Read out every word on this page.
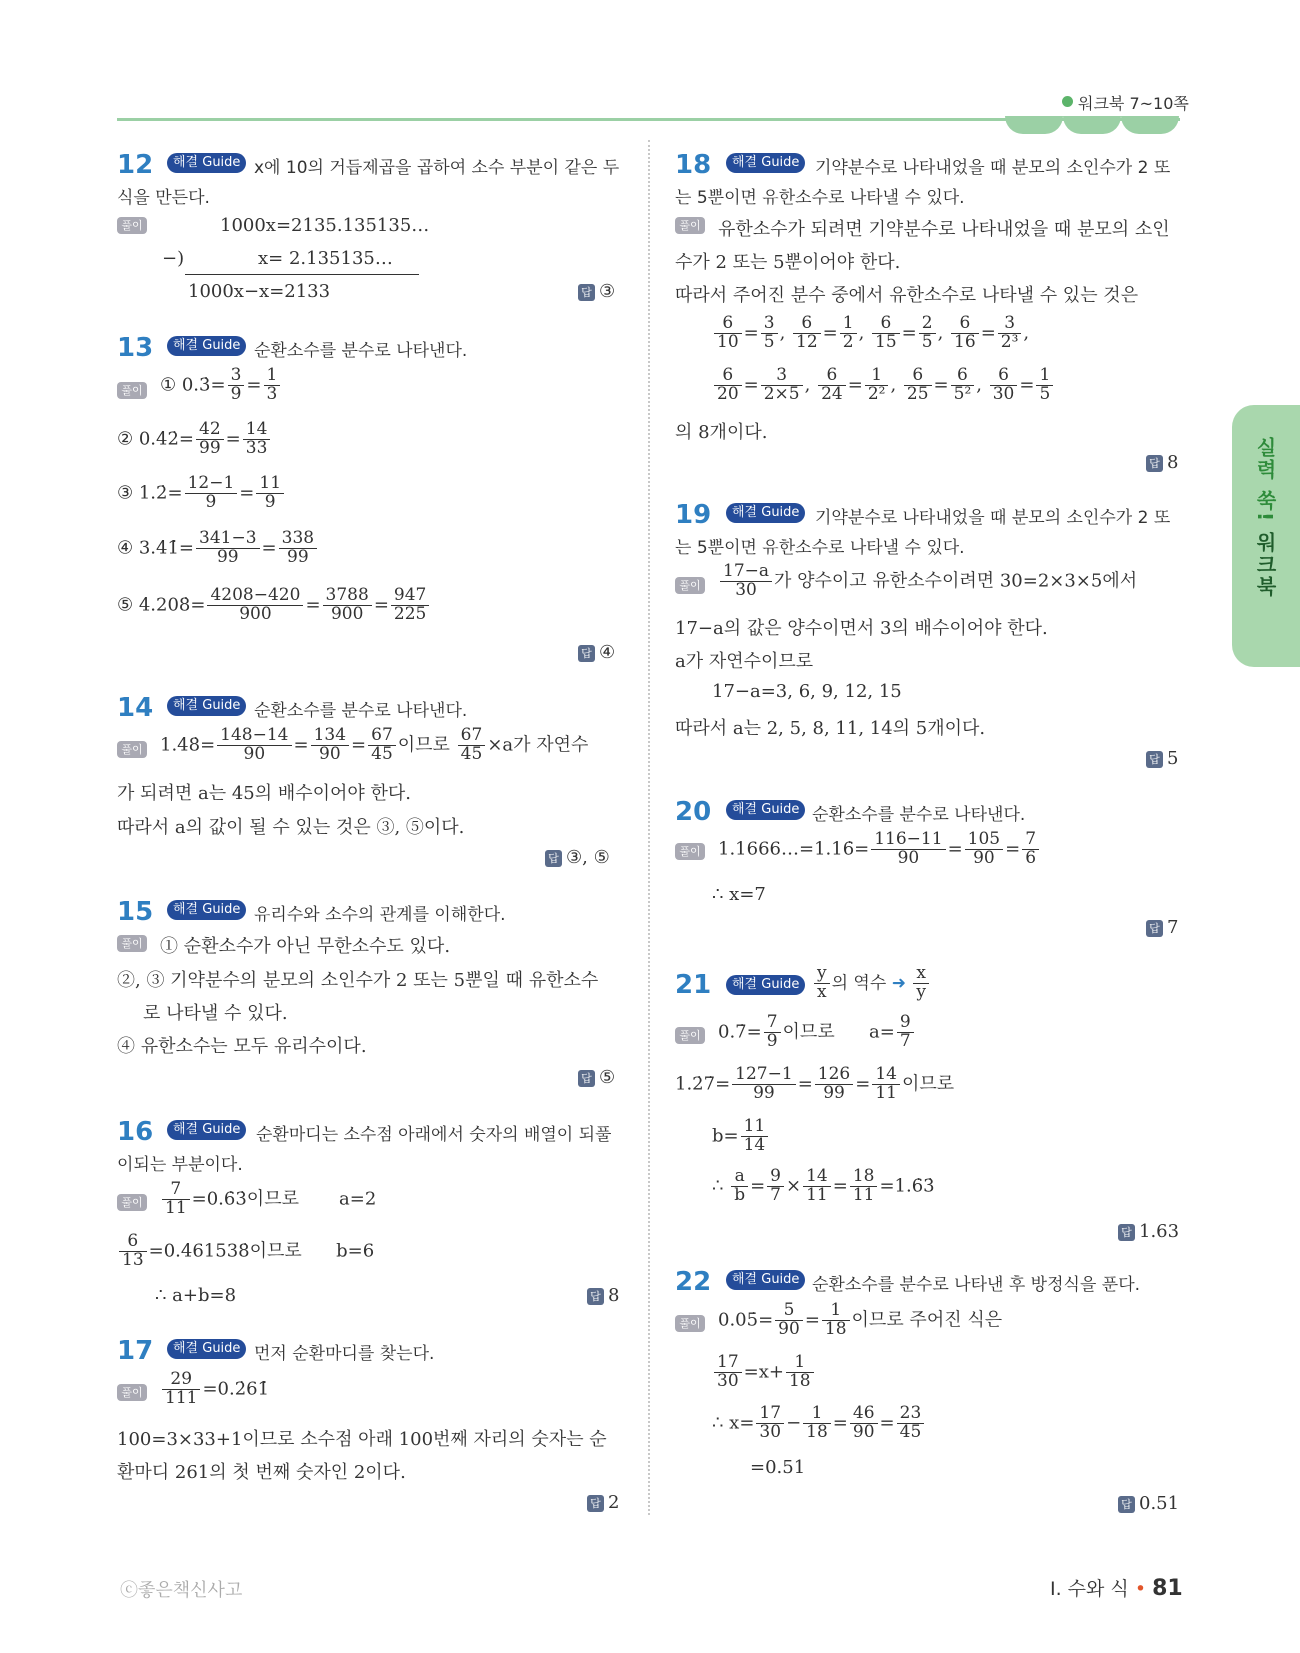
워크북 7~10쪽
실력 쑥! 워크북
12	해결 Guide x에 10의 거듭제곱을 곱하여 소수 부분이 같은 두
식을 만든다.
풀이	1000x=2135.135135…
−)	x= 2.135135…
1000x−x=2133	답 ③
13	해결 Guide 순환소수를 분수로 나타낸다.
풀이 ① 0.3̇= $\frac{3}{9} = \frac{1}{3}$
② 0.4̇2̇= $\frac{42}{99} = \frac{14}{33}$
③ 1.2̇= $\frac{12-1}{9} = \frac{11}{9}$
④ 3.4̇1̇= $\frac{341-3}{99} = \frac{338}{99}$
⑤ 4.208̇= $\frac{4208-420}{900} = \frac{3788}{900} = \frac{947}{225}$
답 ④
14	해결 Guide 순환소수를 분수로 나타낸다.
풀이 1.48̇= $\frac{148-14}{90} = \frac{134}{90} = \frac{67}{45}$ 이므로 $\frac{67}{45} \times a$가 자연수
가 되려면 a는 45의 배수이어야 한다.
따라서 a의 값이 될 수 있는 것은 ③, ⑤이다.
답 ③, ⑤
15	해결 Guide 유리수와 소수의 관계를 이해한다.
풀이 ① 순환소수가 아닌 무한소수도 있다.
②, ③ 기약분수의 분모의 소인수가 2 또는 5뿐일 때 유한소수
로 나타낼 수 있다.
④ 유한소수는 모두 유리수이다.
답 ⑤
16	해결 Guide 순환마디는 소수점 아래에서 숫자의 배열이 되풀
이되는 부분이다.
풀이 $\frac{7}{11}$ =0.6̇3̇이므로       a=2
$\frac{6}{13}$ =0.4̇61538̇이므로      b=6
∴ a+b=8	답 8
17	해결 Guide 먼저 순환마디를 찾는다.
풀이 $\frac{29}{111}$ =0.2̇61̇
100=3×33+1이므로 소수점 아래 100번째 자리의 숫자는 순
환마디 261의 첫 번째 숫자인 2이다.
답 2
18	해결 Guide 기약분수로 나타내었을 때 분모의 소인수가 2 또
는 5뿐이면 유한소수로 나타낼 수 있다.
풀이 유한소수가 되려면 기약분수로 나타내었을 때 분모의 소인
수가 2 또는 5뿐이어야 한다.
따라서 주어진 분수 중에서 유한소수로 나타낼 수 있는 것은
$\frac{6}{10} = \frac{3}{5}$ , $\frac{6}{12} = \frac{1}{2}$ , $\frac{6}{15} = \frac{2}{5}$ , $\frac{6}{16} = \frac{3}{\text{2³}}$ ,
$\frac{6}{20} = \frac{3}{2\times 5}$ , $\frac{6}{24} = \frac{1}{\text{2²}}$ , $\frac{6}{25} = \frac{6}{\text{5²}}$ , $\frac{6}{30} = \frac{1}{5}$
의 8개이다.
답 8
19	해결 Guide 기약분수로 나타내었을 때 분모의 소인수가 2 또
는 5뿐이면 유한소수로 나타낼 수 있다.
풀이 $\frac{17-a}{30}$ 가 양수이고 유한소수이려면 30=2×3×5에서
17−a의 값은 양수이면서 3의 배수이어야 한다.
a가 자연수이므로
17−a=3, 6, 9, 12, 15
따라서 a는 2, 5, 8, 11, 14의 5개이다.
답 5
20	해결 Guide 순환소수를 분수로 나타낸다.
풀이 1.1666…=1.16̇= $\frac{116-11}{90} = \frac{105}{90} = \frac{7}{6}$
∴ x=7
답 7
21	해결 Guide $\frac{y}{x}$ 의 역수 ➜ $\frac{x}{y}$
풀이 0.7̇= $\frac{7}{9}$ 이므로      $a= \frac{9}{7}$
1.2̇7̇= $\frac{127-1}{99} = \frac{126}{99} = \frac{14}{11}$ 이므로
$b= \frac{11}{14}$
∴ $\frac{a}{b} = \frac{9}{7} \times \frac{14}{11} = \frac{18}{11}$ =1.6̇3̇
답 1.63
22	해결 Guide 순환소수를 분수로 나타낸 후 방정식을 푼다.
풀이 0.05̇= $\frac{5}{90} = \frac{1}{18}$ 이므로 주어진 식은
$\frac{17}{30} =x+ \frac{1}{18}$
∴ $x= \frac{17}{30} - \frac{1}{18} = \frac{46}{90} = \frac{23}{45}$
=0.51
답 0.51
ⓒ좋은책신사고	Ⅰ. 수와 식 • 81
